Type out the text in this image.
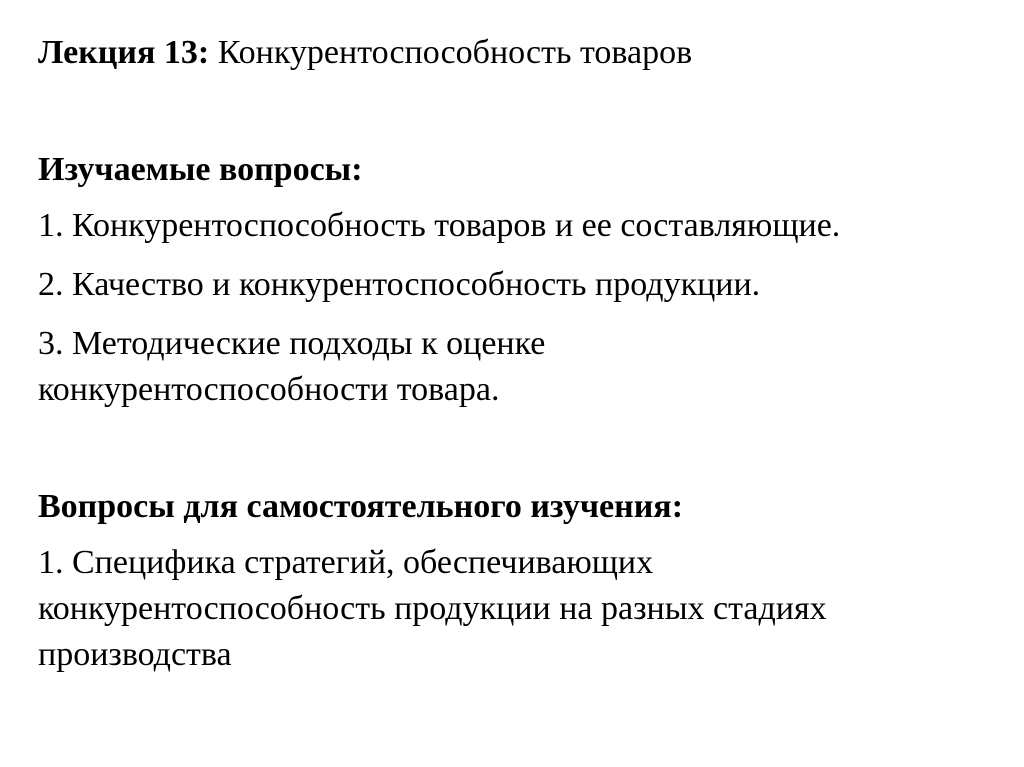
Лекция 13: Конкурентоспособность товаров
Изучаемые вопросы:
1. Конкурентоспособность товаров и ее составляющие.
2. Качество и конкурентоспособность продукции.
3. Методические подходы к оценке
конкурентоспособности товара.
Вопросы для самостоятельного изучения:
1. Специфика стратегий, обеспечивающих
конкурентоспособность продукции на разных стадиях
производства
